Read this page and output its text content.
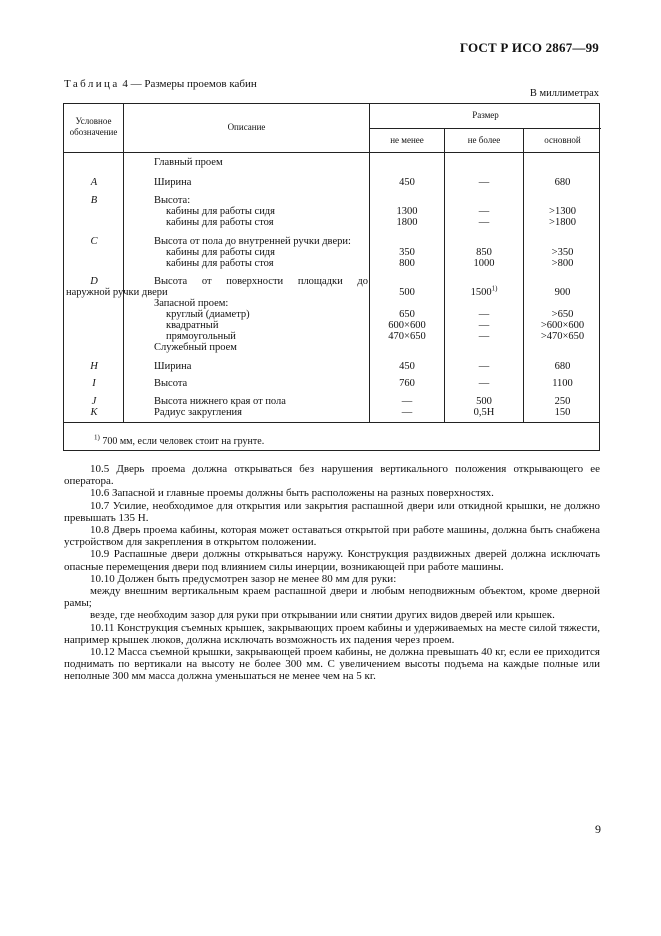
ГОСТ Р ИСО 2867—99
Таблица 4 — Размеры проемов кабин
В миллиметрах
Условное обозначение	Описание
Размер
не менее	не более	основной
Главный проем
A	Ширина	450	—	680
B	Высота:
кабины для работы сидя	1300	—	>1300
кабины для работы стоя	1800	—	>1800
C	Высота от пола до внутренней ручки двери:
кабины для работы сидя	350	850	>350
кабины для работы стоя	800	1000	>800
D	Высота от поверхности площадки до
наружной ручки двери	500	1500$^{1)}$	900
Запасной проем:
круглый (диаметр)	650	—	>650
квадратный	600×600	—	>600×600
прямоугольный	470×650	—	>470×650
Служебный проем
H	Ширина	450	—	680
I	Высота	760	—	1100
J	Высота нижнего края от пола	—	500	250
K	Радиус закругления	—	0,5H	150
$^{1)}$ 700 мм, если человек стоит на грунте.

10.5 Дверь проема должна открываться без нарушения вертикального положения открывающего ее оператора.

10.6 Запасной и главные проемы должны быть расположены на разных поверхностях.

10.7 Усилие, необходимое для открытия или закрытия распашной двери или откидной крышки, не должно превышать 135 Н.

10.8 Дверь проема кабины, которая может оставаться открытой при работе машины, должна быть снабжена устройством для закрепления в открытом положении.

10.9 Распашные двери должны открываться наружу. Конструкция раздвижных дверей должна исключать опасные перемещения двери под влиянием силы инерции, возникающей при работе машины.

10.10 Должен быть предусмотрен зазор не менее 80 мм для руки:

между внешним вертикальным краем распашной двери и любым неподвижным объектом, кроме дверной рамы;

везде, где необходим зазор для руки при открывании или снятии других видов дверей или крышек.

10.11 Конструкция съемных крышек, закрывающих проем кабины и удерживаемых на месте силой тяжести, например крышек люков, должна исключать возможность их падения через проем.

10.12 Масса съемной крышки, закрывающей проем кабины, не должна превышать 40 кг, если ее приходится поднимать по вертикали на высоту не более 300 мм. С увеличением высоты подъема на каждые полные или неполные 300 мм масса должна уменьшаться не менее чем на 5 кг.

9
